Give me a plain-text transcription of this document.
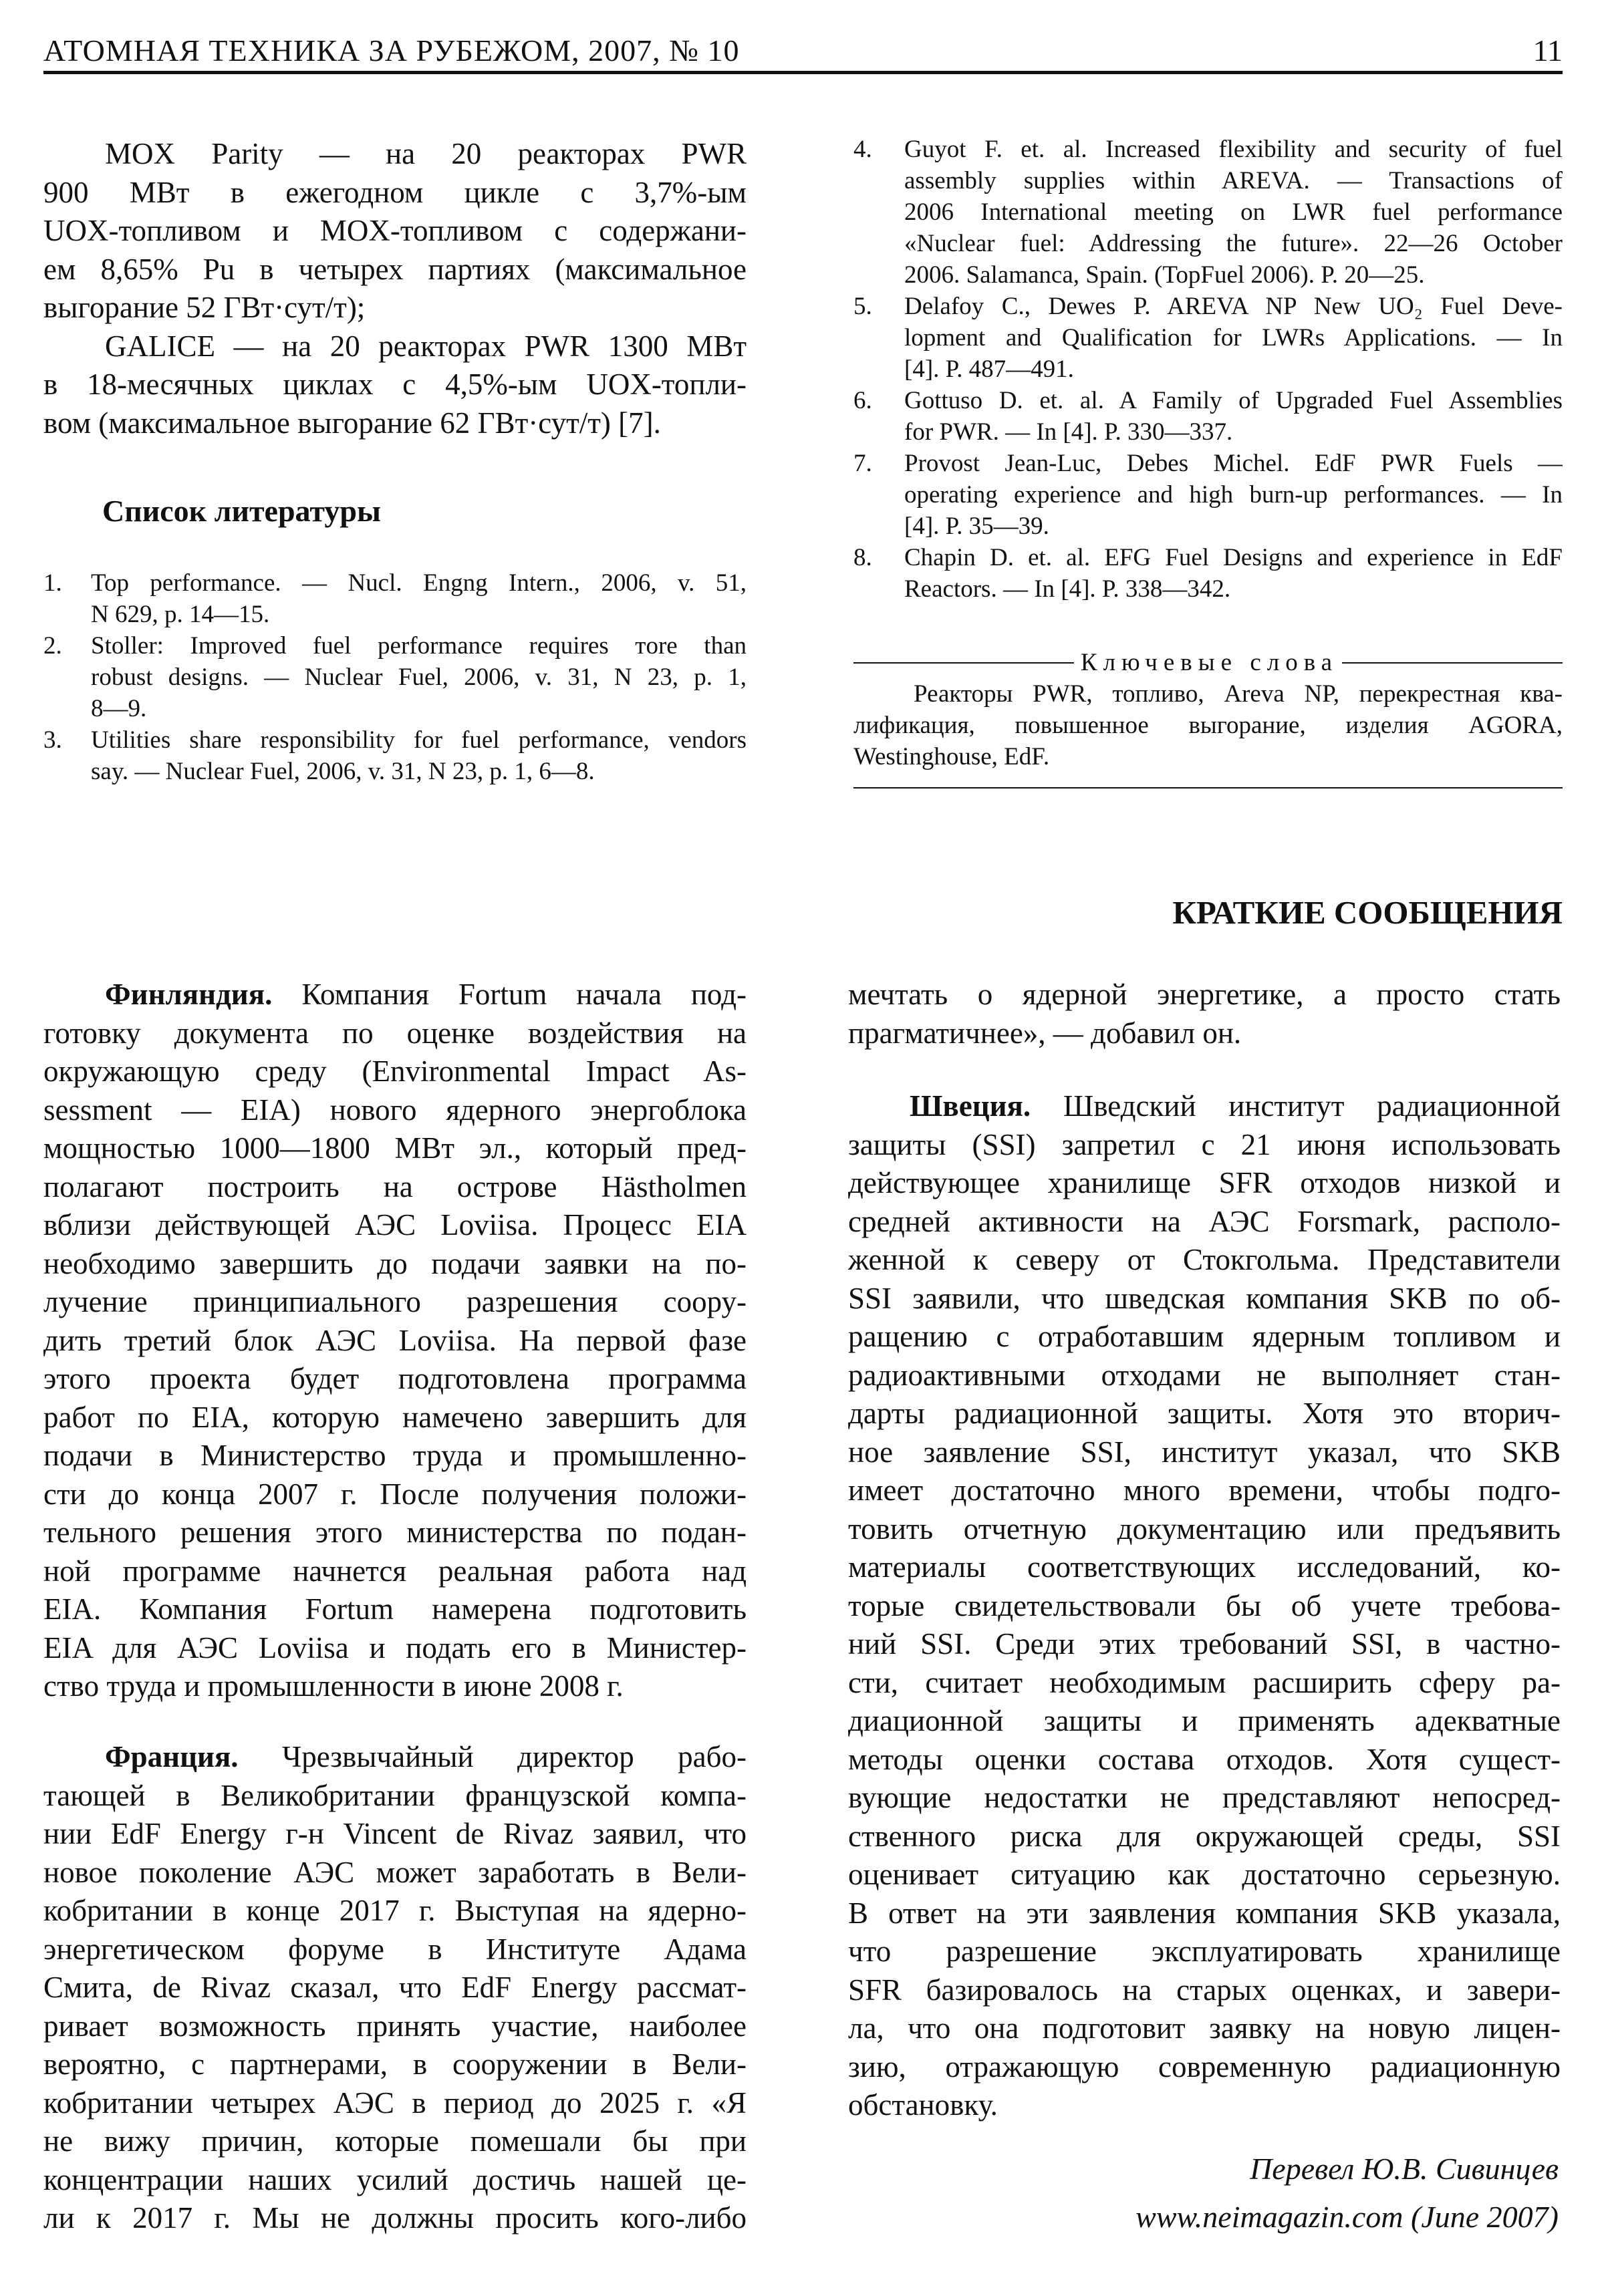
АТОМНАЯ ТЕХНИКА ЗА РУБЕЖОМ, 2007, № 10	11
MOX Parity — на 20 реакторах PWR
900 МВт в ежегодном цикле с 3,7%-ым
UOX-топливом и MOX-топливом с содержани-
ем 8,65% Pu в четырех партиях (максимальное
выгорание 52 ГВт·сут/т);
GALICE — на 20 реакторах PWR 1300 МВт
в 18-месячных циклах с 4,5%-ым UOX-топли-
вом (максимальное выгорание 62 ГВт·сут/т) [7].
Список литературы
1. Top performance. — Nucl. Engng Intern., 2006, v. 51,
N 629, p. 14—15.
2. Stoller: Improved fuel performance requires тore than
robust designs. — Nuclear Fuel, 2006, v. 31, N 23, p. 1,
8—9.
3. Utilities share responsibility for fuel performance, vendors
say. — Nuclear Fuel, 2006, v. 31, N 23, p. 1, 6—8.
4. Guyot F. et. al. Increased flexibility and security of fuel
assembly supplies within AREVA. — Transactions of
2006 International meeting on LWR fuel performance
«Nuclear fuel: Addressing the future». 22—26 October
2006. Salamanca, Spain. (TopFuel 2006). P. 20—25.
5. Delafoy C., Dewes P. AREVA NP New UO₂ Fuel Deve-
lopment and Qualification for LWRs Applications. — In
[4]. P. 487—491.
6. Gottuso D. et. al. A Family of Upgraded Fuel Assemblies
for PWR. — In [4]. P. 330—337.
7. Provost Jean-Luc, Debes Michel. EdF PWR Fuels —
operating experience and high burn-up performances. — In
[4]. P. 35—39.
8. Chapin D. et. al. EFG Fuel Designs and experience in EdF
Reactors. — In [4]. P. 338—342.
Ключевые слова
Реакторы PWR, топливо, Areva NP, перекрестная ква-
лификация, повышенное выгорание, изделия AGORA,
Westinghouse, EdF.
КРАТКИЕ СООБЩЕНИЯ
Финляндия. Компания Fortum начала под-
готовку документа по оценке воздействия на
окружающую среду (Environmental Impact As-
sessment — EIA) нового ядерного энергоблока
мощностью 1000—1800 МВт эл., который пред-
полагают построить на острове Hästholmen
вблизи действующей АЭС Loviisa. Процесс EIA
необходимо завершить до подачи заявки на по-
лучение принципиального разрешения соору-
дить третий блок АЭС Loviisa. На первой фазе
этого проекта будет подготовлена программа
работ по EIA, которую намечено завершить для
подачи в Министерство труда и промышленно-
сти до конца 2007 г. После получения положи-
тельного решения этого министерства по подан-
ной программе начнется реальная работа над
EIA. Компания Fortum намерена подготовить
EIA для АЭС Loviisa и подать его в Министер-
ство труда и промышленности в июне 2008 г.
Франция. Чрезвычайный директор рабо-
тающей в Великобритании французской компа-
нии EdF Energy г-н Vincent de Rivaz заявил, что
новое поколение АЭС может заработать в Вели-
кобритании в конце 2017 г. Выступая на ядерно-
энергетическом форуме в Институте Адама
Смита, de Rivaz сказал, что EdF Energy рассмат-
ривает возможность принять участие, наиболее
вероятно, с партнерами, в сооружении в Вели-
кобритании четырех АЭС в период до 2025 г. «Я
не вижу причин, которые помешали бы при
концентрации наших усилий достичь нашей це-
ли к 2017 г. Мы не должны просить кого-либо
мечтать о ядерной энергетике, а просто стать
прагматичнее», — добавил он.
Швеция. Шведский институт радиационной
защиты (SSI) запретил с 21 июня использовать
действующее хранилище SFR отходов низкой и
средней активности на АЭС Forsmark, располо-
женной к северу от Стокгольма. Представители
SSI заявили, что шведская компания SKB по об-
ращению с отработавшим ядерным топливом и
радиоактивными отходами не выполняет стан-
дарты радиационной защиты. Хотя это вторич-
ное заявление SSI, институт указал, что SKB
имеет достаточно много времени, чтобы подго-
товить отчетную документацию или предъявить
материалы соответствующих исследований, ко-
торые свидетельствовали бы об учете требова-
ний SSI. Среди этих требований SSI, в частно-
сти, считает необходимым расширить сферу ра-
диационной защиты и применять адекватные
методы оценки состава отходов. Хотя сущест-
вующие недостатки не представляют непосред-
ственного риска для окружающей среды, SSI
оценивает ситуацию как достаточно серьезную.
В ответ на эти заявления компания SKB указала,
что разрешение эксплуатировать хранилище
SFR базировалось на старых оценках, и завери-
ла, что она подготовит заявку на новую лицен-
зию, отражающую современную радиационную
обстановку.
Перевел Ю.В. Сивинцев
www.neimagazin.com (June 2007)
